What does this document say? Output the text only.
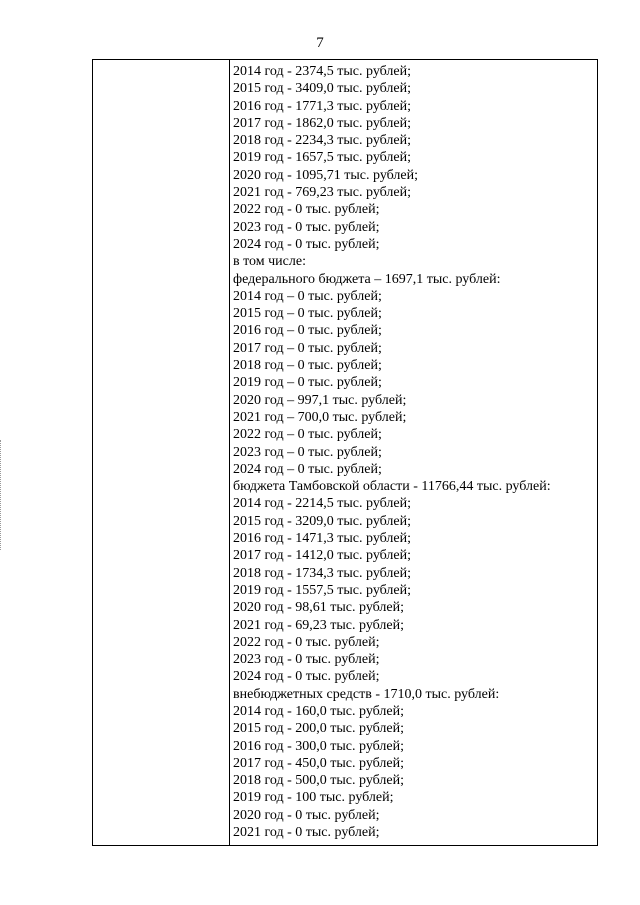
7
2014 год - 2374,5 тыс. рублей;
2015 год - 3409,0 тыс. рублей;
2016 год - 1771,3 тыс. рублей;
2017 год - 1862,0 тыс. рублей;
2018 год - 2234,3 тыс. рублей;
2019 год - 1657,5 тыс. рублей;
2020 год - 1095,71 тыс. рублей;
2021 год - 769,23 тыс. рублей;
2022 год - 0 тыс. рублей;
2023 год - 0 тыс. рублей;
2024 год - 0 тыс. рублей;
в том числе:
федерального бюджета – 1697,1 тыс. рублей:
2014 год – 0 тыс. рублей;
2015 год – 0 тыс. рублей;
2016 год – 0 тыс. рублей;
2017 год – 0 тыс. рублей;
2018 год – 0 тыс. рублей;
2019 год – 0 тыс. рублей;
2020 год – 997,1 тыс. рублей;
2021 год – 700,0 тыс. рублей;
2022 год – 0 тыс. рублей;
2023 год – 0 тыс. рублей;
2024 год – 0 тыс. рублей;
бюджета Тамбовской области - 11766,44 тыс. рублей:
2014 год - 2214,5 тыс. рублей;
2015 год - 3209,0 тыс. рублей;
2016 год - 1471,3 тыс. рублей;
2017 год - 1412,0 тыс. рублей;
2018 год - 1734,3 тыс. рублей;
2019 год - 1557,5 тыс. рублей;
2020 год - 98,61 тыс. рублей;
2021 год - 69,23 тыс. рублей;
2022 год - 0 тыс. рублей;
2023 год - 0 тыс. рублей;
2024 год - 0 тыс. рублей;
внебюджетных средств - 1710,0 тыс. рублей:
2014 год - 160,0 тыс. рублей;
2015 год - 200,0 тыс. рублей;
2016 год - 300,0 тыс. рублей;
2017 год - 450,0 тыс. рублей;
2018 год - 500,0 тыс. рублей;
2019 год - 100 тыс. рублей;
2020 год - 0 тыс. рублей;
2021 год - 0 тыс. рублей;
